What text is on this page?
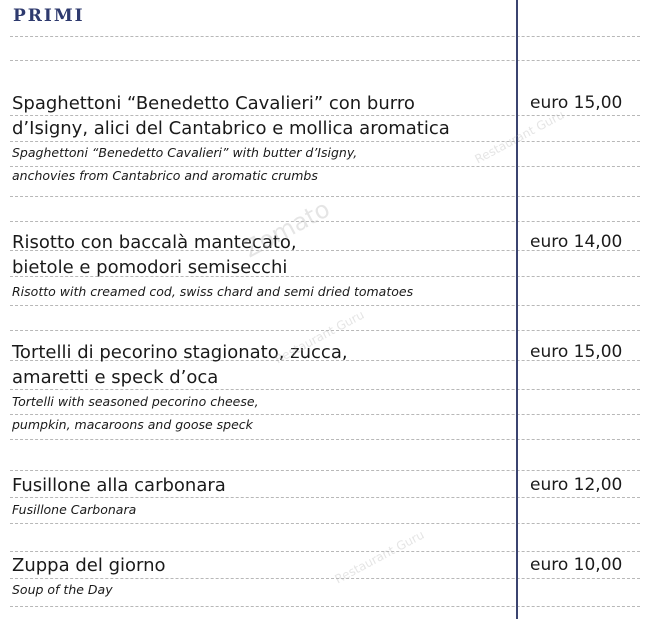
PRIMI
Spaghettoni “Benedetto Cavalieri” con burro
d’Isigny, alici del Cantabrico e mollica aromatica
Spaghettoni “Benedetto Cavalieri” with butter d’Isigny,
anchovies from Cantabrico and aromatic crumbs
euro 15,00
Risotto con baccalà mantecato,
bietole e pomodori semisecchi
Risotto with creamed cod, swiss chard and semi dried tomatoes
euro 14,00
Tortelli di pecorino stagionato, zucca,
amaretti e speck d’oca
Tortelli with seasoned pecorino cheese,
pumpkin, macaroons and goose speck
euro 15,00
Fusillone alla carbonara
Fusillone Carbonara
euro 12,00
Zuppa del giorno
Soup of the Day
euro 10,00
Restaurant Guru
Restaurant Guru
Restaurant Guru
Zomato
